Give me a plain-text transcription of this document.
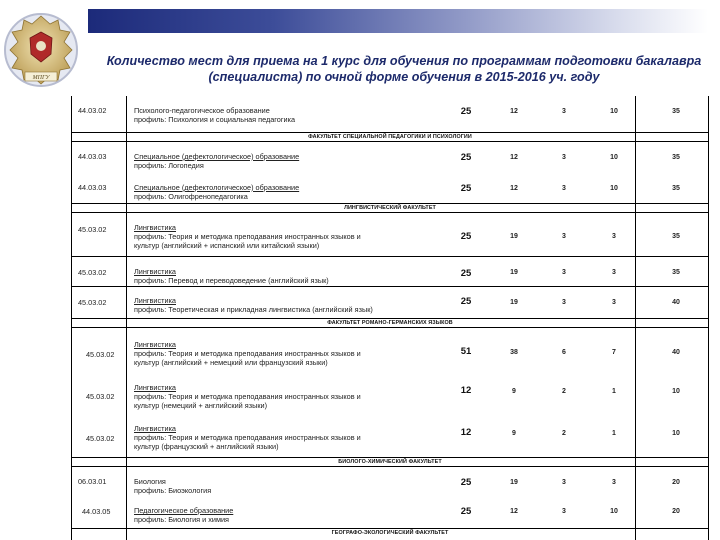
МПГУ
Количество мест для приема на 1 курс для обучения по программам подготовки бакалавра
(специалиста) по очной форме обучения в 2015-2016 уч. году
44.03.02	Психолого-педагогическое образование
профиль: Психология и социальная педагогика
25	12	3	10	35
ФАКУЛЬТЕТ СПЕЦИАЛЬНОЙ ПЕДАГОГИКИ И ПСИХОЛОГИИ
44.03.03	Специальное (дефектологическое) образование
профиль: Логопедия
25	12	3	10	35
44.03.03	Специальное (дефектологическое) образование
профиль: Олигофренопедагогика
25	12	3	10	35
ЛИНГВИСТИЧЕСКИЙ ФАКУЛЬТЕТ
45.03.02	Лингвистика
профиль: Теория и методика преподавания иностранных языков и
культур (английский + испанский или китайский языки)
25	19	3	3	35
45.03.02	Лингвистика
профиль: Перевод и переводоведение (английский язык)
25	19	3	3	35
45.03.02	Лингвистика
профиль: Теоретическая и прикладная лингвистика (английский язык)
25	19	3	3	40
ФАКУЛЬТЕТ РОМАНО-ГЕРМАНСКИХ ЯЗЫКОВ
45.03.02
Лингвистика
профиль: Теория и методика преподавания иностранных языков и
культур (английский + немецкий или французский языки)
51	38	6	7	40
45.03.02
Лингвистика
профиль: Теория и методика преподавания иностранных языков и
культур (немецкий + английский языки)
12	9	2	1	10
45.03.02
Лингвистика
профиль: Теория и методика преподавания иностранных языков и
культур (французский + английский языки)
12	9	2	1	10
БИОЛОГО-ХИМИЧЕСКИЙ ФАКУЛЬТЕТ
06.03.01	Биология
профиль: Биоэкология
25	19	3	3	20
44.03.05	Педагогическое образование
профиль: Биология и химия
25	12	3	10	20
ГЕОГРАФО-ЭКОЛОГИЧЕСКИЙ ФАКУЛЬТЕТ
